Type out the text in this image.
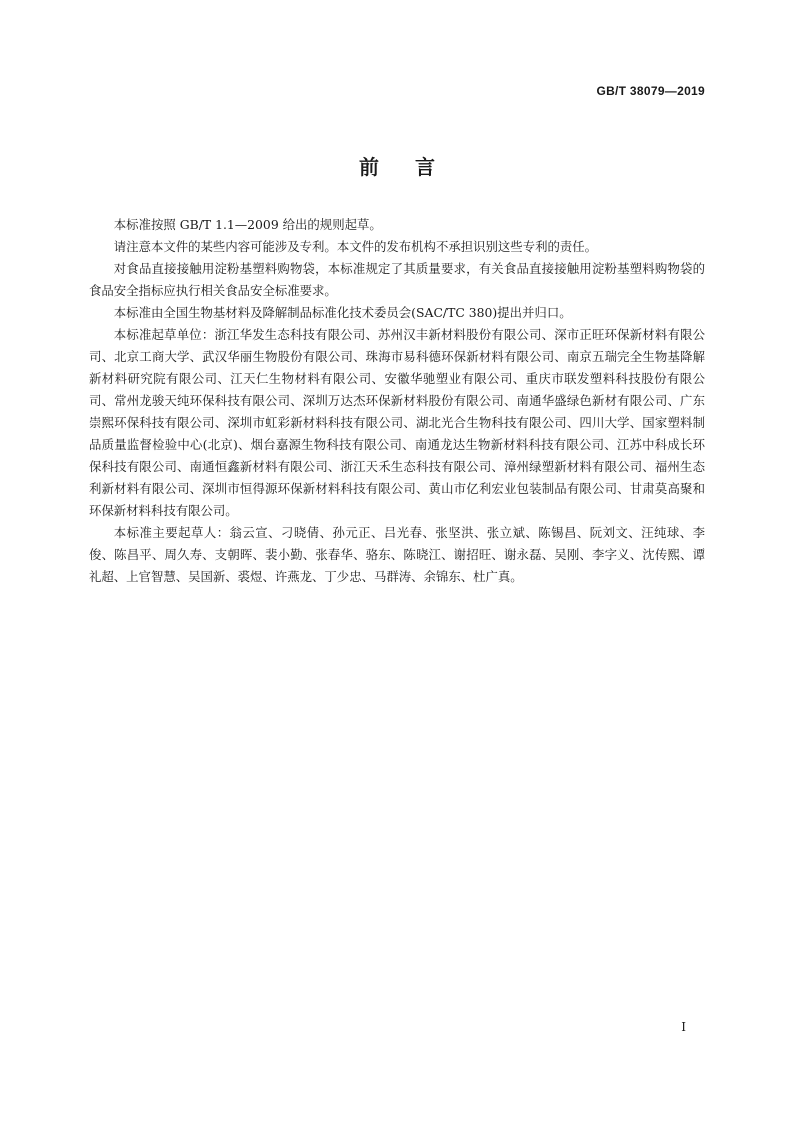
GB/T 38079—2019
前言

本标准按照 GB/T 1.1—2009 给出的规则起草。

请注意本文件的某些内容可能涉及专利。本文件的发布机构不承担识别这些专利的责任。

对食品直接接触用淀粉基塑料购物袋，本标准规定了其质量要求，有关食品直接接触用淀粉基塑料购物袋的食品安全指标应执行相关食品安全标准要求。

本标准由全国生物基材料及降解制品标准化技术委员会(SAC/TC 380)提出并归口。

本标准起草单位：浙江华发生态科技有限公司、苏州汉丰新材料股份有限公司、深市正旺环保新材料有限公司、北京工商大学、武汉华丽生物股份有限公司、珠海市易科德环保新材料有限公司、南京五瑞完全生物基降解新材料研究院有限公司、江天仁生物材料有限公司、安徽华驰塑业有限公司、重庆市联发塑料科技股份有限公司、常州龙骏天纯环保科技有限公司、深圳万达杰环保新材料股份有限公司、南通华盛绿色新材有限公司、广东崇熙环保科技有限公司、深圳市虹彩新材料科技有限公司、湖北光合生物科技有限公司、四川大学、国家塑料制品质量监督检验中心(北京)、烟台嘉源生物科技有限公司、南通龙达生物新材料科技有限公司、江苏中科成长环保科技有限公司、南通恒鑫新材料有限公司、浙江天禾生态科技有限公司、漳州绿塑新材料有限公司、福州生态利新材料有限公司、深圳市恒得源环保新材料科技有限公司、黄山市亿利宏业包装制品有限公司、甘肃莫高聚和环保新材料科技有限公司。

本标准主要起草人：翁云宣、刁晓倩、孙元正、吕光春、张坚洪、张立斌、陈锡昌、阮刘文、汪纯球、李俊、陈昌平、周久寿、支朝晖、裴小勤、张春华、骆东、陈晓江、谢招旺、谢永磊、吴刚、李字义、沈传熙、谭礼超、上官智慧、吴国新、裘煜、许燕龙、丁少忠、马群涛、余锦东、杜广真。

I
